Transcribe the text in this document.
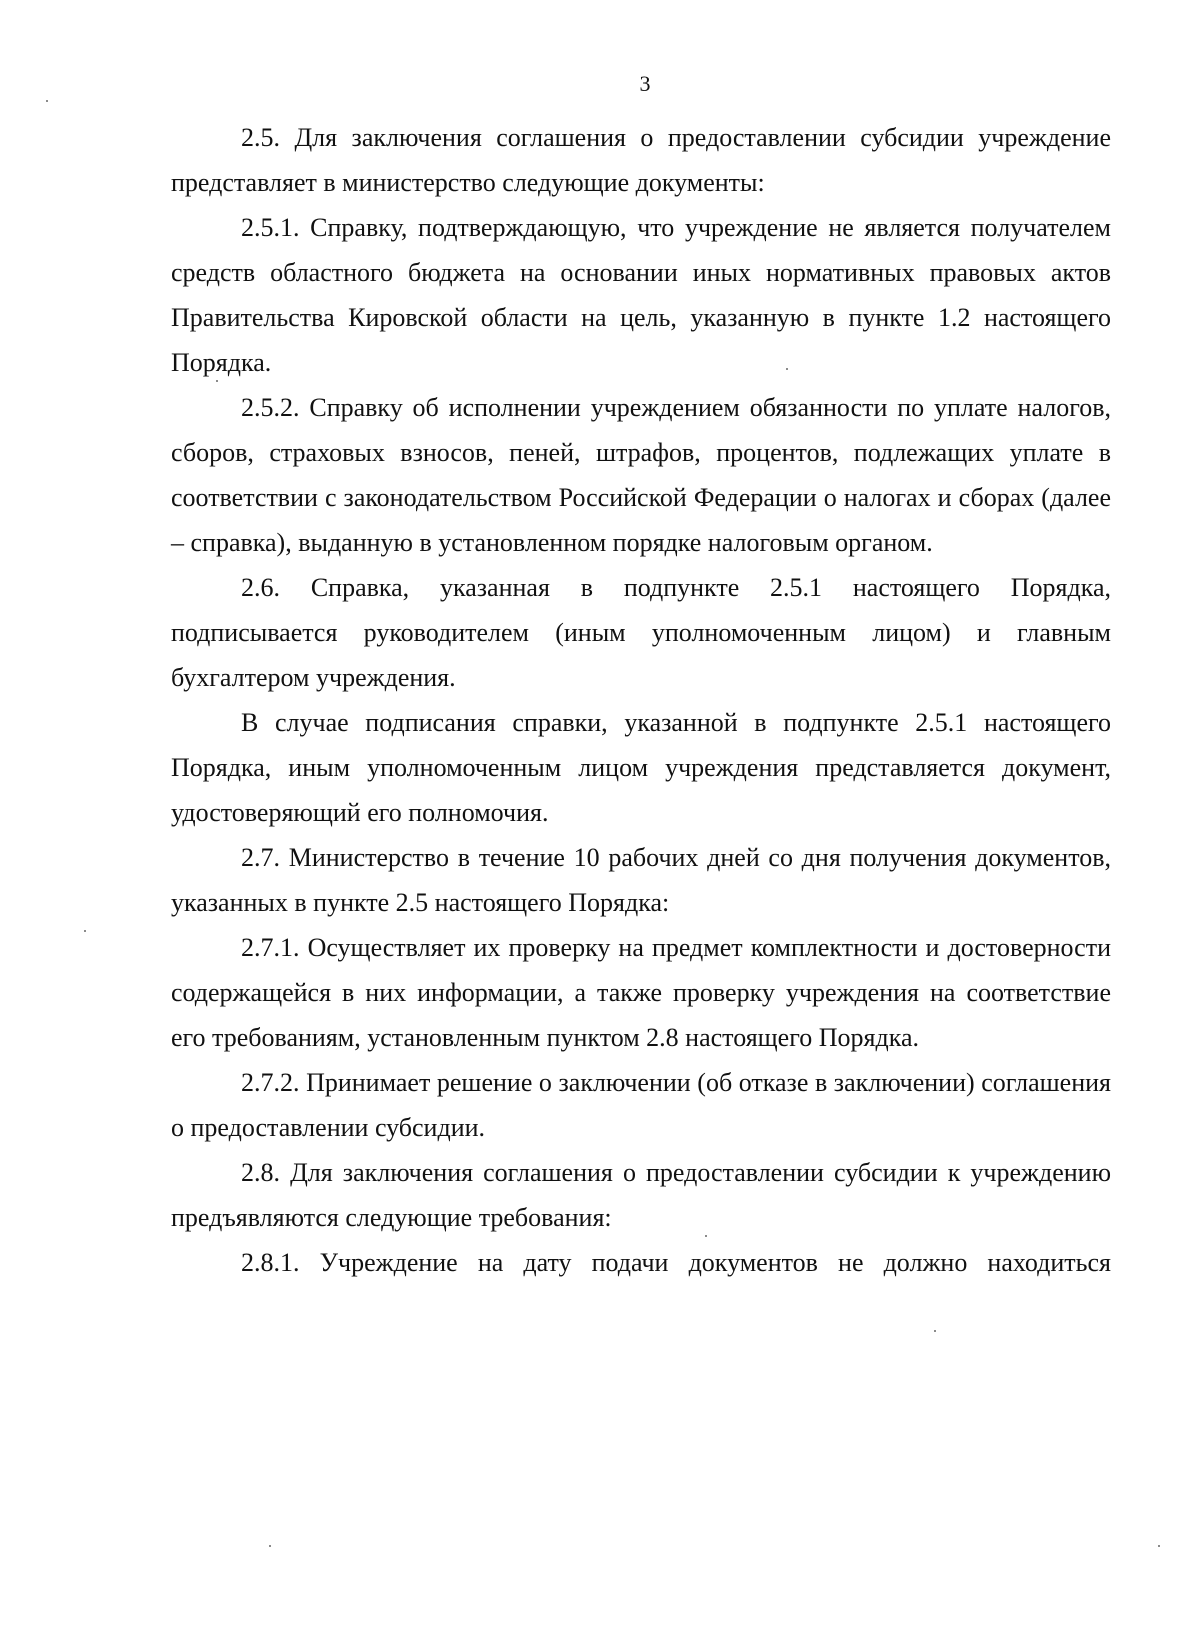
3

2.5. Для заключения соглашения о предоставлении субсидии учреждение представляет в министерство следующие документы:

2.5.1. Справку, подтверждающую, что учреждение не является получателем средств областного бюджета на основании иных нормативных правовых актов Правительства Кировской области на цель, указанную в пункте 1.2 настоящего Порядка.

2.5.2. Справку об исполнении учреждением обязанности по уплате налогов, сборов, страховых взносов, пеней, штрафов, процентов, подлежащих уплате в соответствии с законодательством Российской Федерации о налогах и сборах (далее – справка), выданную в установленном порядке налоговым органом.

2.6. Справка, указанная в подпункте 2.5.1 настоящего Порядка, подписывается руководителем (иным уполномоченным лицом) и главным бухгалтером учреждения.

В случае подписания справки, указанной в подпункте 2.5.1 настоящего Порядка, иным уполномоченным лицом учреждения представляется документ, удостоверяющий его полномочия.

2.7. Министерство в течение 10 рабочих дней со дня получения документов, указанных в пункте 2.5 настоящего Порядка:

2.7.1. Осуществляет их проверку на предмет комплектности и достоверности содержащейся в них информации, а также проверку учреждения на соответствие его требованиям, установленным пунктом 2.8 настоящего Порядка.

2.7.2. Принимает решение о заключении (об отказе в заключении) соглашения о предоставлении субсидии.

2.8. Для заключения соглашения о предоставлении субсидии к учреждению предъявляются следующие требования:

2.8.1. Учреждение на дату подачи документов не должно находиться
